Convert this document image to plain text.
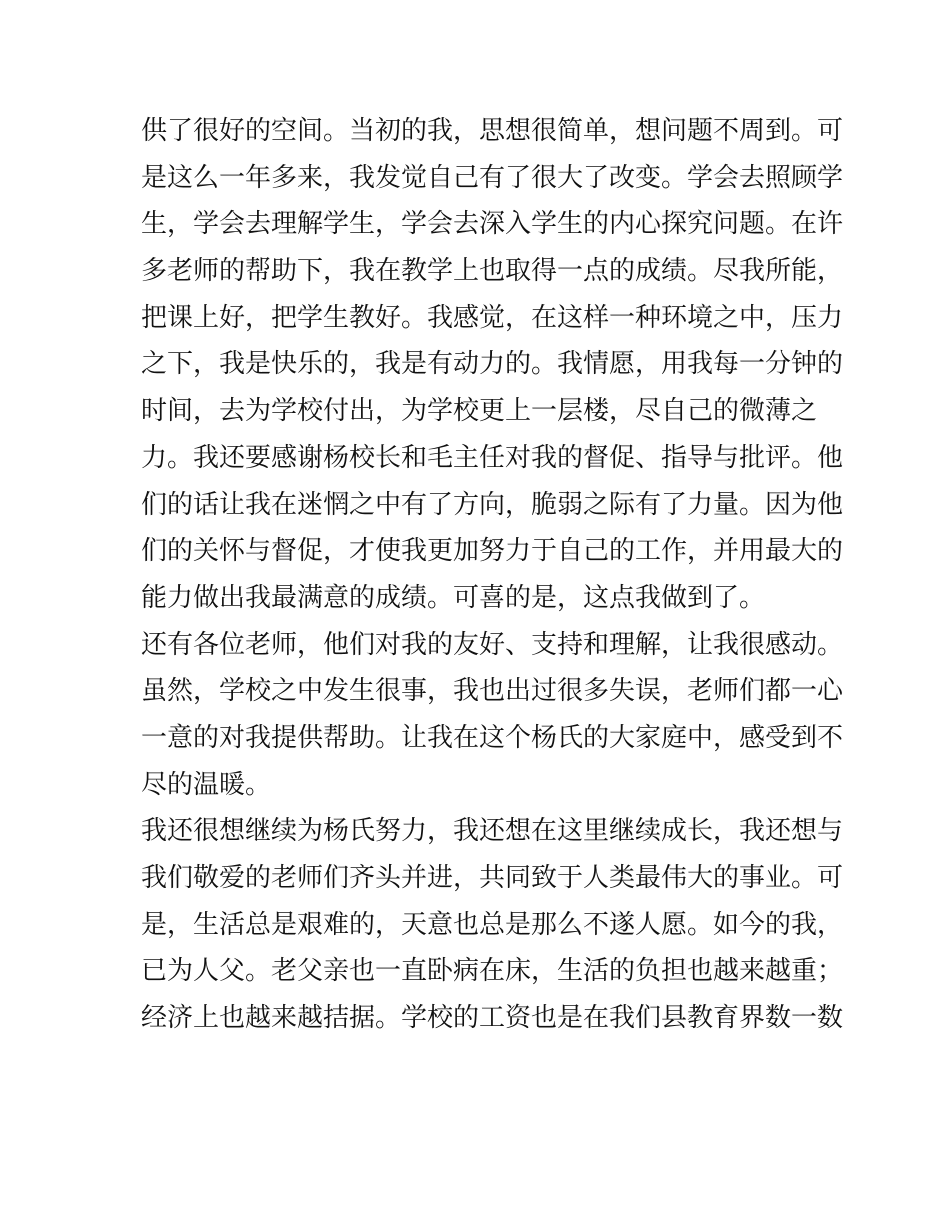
供了很好的空间。当初的我，思想很简单，想问题不周到。可
是这么一年多来，我发觉自己有了很大了改变。学会去照顾学
生，学会去理解学生，学会去深入学生的内心探究问题。在许
多老师的帮助下，我在教学上也取得一点的成绩。尽我所能，
把课上好，把学生教好。我感觉，在这样一种环境之中，压力
之下，我是快乐的，我是有动力的。我情愿，用我每一分钟的
时间，去为学校付出，为学校更上一层楼，尽自己的微薄之
力。我还要感谢杨校长和毛主任对我的督促、指导与批评。他
们的话让我在迷惘之中有了方向，脆弱之际有了力量。因为他
们的关怀与督促，才使我更加努力于自己的工作，并用最大的
能力做出我最满意的成绩。可喜的是，这点我做到了。
还有各位老师，他们对我的友好、支持和理解，让我很感动。
虽然，学校之中发生很事，我也出过很多失误，老师们都一心
一意的对我提供帮助。让我在这个杨氏的大家庭中，感受到不
尽的温暖。
我还很想继续为杨氏努力，我还想在这里继续成长，我还想与
我们敬爱的老师们齐头并进，共同致于人类最伟大的事业。可
是，生活总是艰难的，天意也总是那么不遂人愿。如今的我，
已为人父。老父亲也一直卧病在床，生活的负担也越来越重；
经济上也越来越拮据。学校的工资也是在我们县教育界数一数
